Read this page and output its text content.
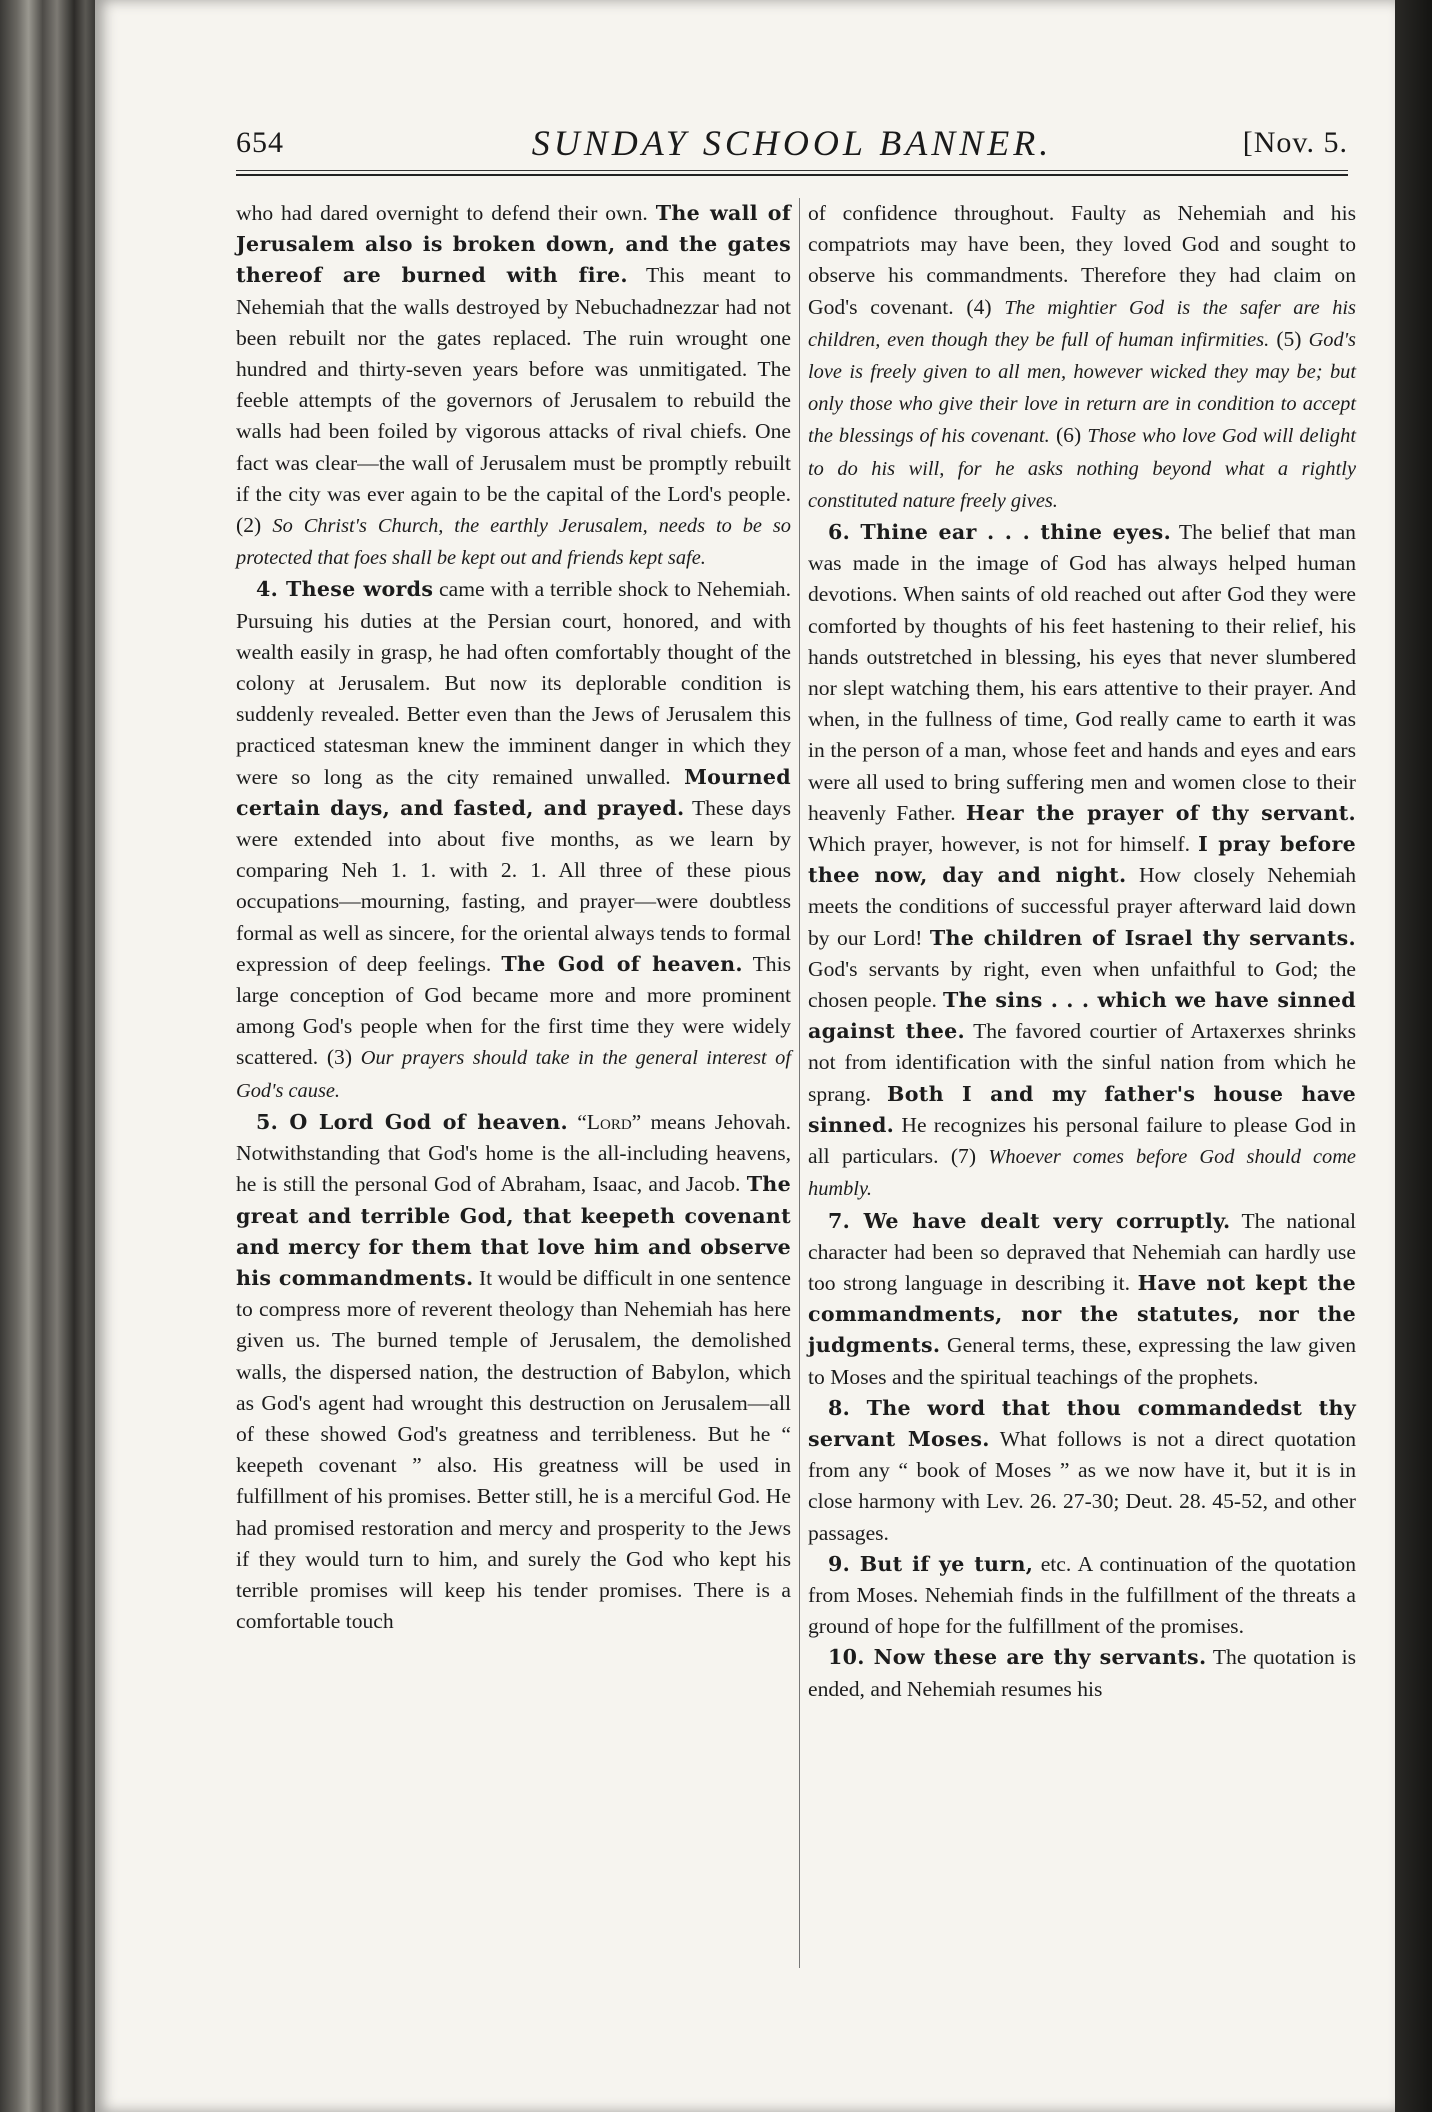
654	SUNDAY SCHOOL BANNER.	[Nov. 5.

who had dared overnight to defend their own. The wall of Jerusalem also is broken down, and the gates thereof are burned with fire. This meant to Nehemiah that the walls destroyed by Nebuchadnezzar had not been rebuilt nor the gates replaced. The ruin wrought one hundred and thirty-seven years before was unmitigated. The feeble attempts of the governors of Jerusalem to rebuild the walls had been foiled by vigorous attacks of rival chiefs. One fact was clear—the wall of Jerusalem must be promptly rebuilt if the city was ever again to be the capital of the Lord's people. (2) So Christ's Church, the earthly Jerusalem, needs to be so protected that foes shall be kept out and friends kept safe.

4. These words came with a terrible shock to Nehemiah. Pursuing his duties at the Persian court, honored, and with wealth easily in grasp, he had often comfortably thought of the colony at Jerusalem. But now its deplorable condition is suddenly revealed. Better even than the Jews of Jerusalem this practiced statesman knew the imminent danger in which they were so long as the city remained unwalled. Mourned certain days, and fasted, and prayed. These days were extended into about five months, as we learn by comparing Neh 1. 1. with 2. 1. All three of these pious occupations—mourning, fasting, and prayer—were doubtless formal as well as sincere, for the oriental always tends to formal expression of deep feelings. The God of heaven. This large conception of God became more and more prominent among God's people when for the first time they were widely scattered. (3) Our prayers should take in the general interest of God's cause.

5. O Lord God of heaven. “Lord” means Jehovah. Notwithstanding that God's home is the all-including heavens, he is still the personal God of Abraham, Isaac, and Jacob. The great and terrible God, that keepeth covenant and mercy for them that love him and observe his commandments. It would be difficult in one sentence to compress more of reverent theology than Nehemiah has here given us. The burned temple of Jerusalem, the demolished walls, the dispersed nation, the destruction of Babylon, which as God's agent had wrought this destruction on Jerusalem—all of these showed God's greatness and terribleness. But he “ keepeth covenant ” also. His greatness will be used in fulfillment of his promises. Better still, he is a merciful God. He had promised restoration and mercy and prosperity to the Jews if they would turn to him, and surely the God who kept his terrible promises will keep his tender promises. There is a comfortable touch

of confidence throughout. Faulty as Nehemiah and his compatriots may have been, they loved God and sought to observe his commandments. Therefore they had claim on God's covenant. (4) The mightier God is the safer are his children, even though they be full of human infirmities. (5) God's love is freely given to all men, however wicked they may be; but only those who give their love in return are in condition to accept the blessings of his covenant. (6) Those who love God will delight to do his will, for he asks nothing beyond what a rightly constituted nature freely gives.

6. Thine ear . . . thine eyes. The belief that man was made in the image of God has always helped human devotions. When saints of old reached out after God they were comforted by thoughts of his feet hastening to their relief, his hands outstretched in blessing, his eyes that never slumbered nor slept watching them, his ears attentive to their prayer. And when, in the fullness of time, God really came to earth it was in the person of a man, whose feet and hands and eyes and ears were all used to bring suffering men and women close to their heavenly Father. Hear the prayer of thy servant. Which prayer, however, is not for himself. I pray before thee now, day and night. How closely Nehemiah meets the conditions of successful prayer afterward laid down by our Lord! The children of Israel thy servants. God's servants by right, even when unfaithful to God; the chosen people. The sins . . . which we have sinned against thee. The favored courtier of Artaxerxes shrinks not from identification with the sinful nation from which he sprang. Both I and my father's house have sinned. He recognizes his personal failure to please God in all particulars. (7) Whoever comes before God should come humbly.

7. We have dealt very corruptly. The national character had been so depraved that Nehemiah can hardly use too strong language in describing it. Have not kept the commandments, nor the statutes, nor the judgments. General terms, these, expressing the law given to Moses and the spiritual teachings of the prophets.

8. The word that thou commandedst thy servant Moses. What follows is not a direct quotation from any “ book of Moses ” as we now have it, but it is in close harmony with Lev. 26. 27-30; Deut. 28. 45-52, and other passages.

9. But if ye turn, etc. A continuation of the quotation from Moses. Nehemiah finds in the fulfillment of the threats a ground of hope for the fulfillment of the promises.

10. Now these are thy servants. The quotation is ended, and Nehemiah resumes his
